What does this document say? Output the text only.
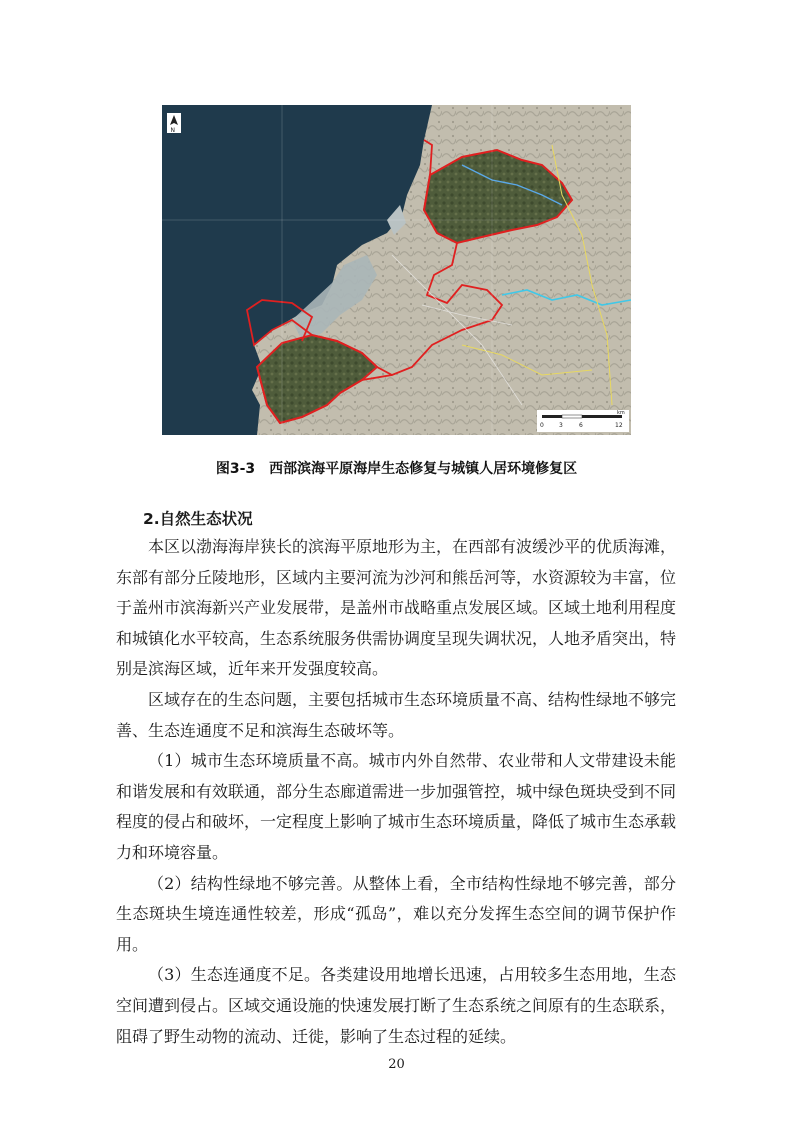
N
0	3	6	12
km
图3-3　西部滨海平原海岸生态修复与城镇人居环境修复区
2.自然生态状况

本区以渤海海岸狭长的滨海平原地形为主，在西部有波缓沙平的优质海滩，东部有部分丘陵地形，区域内主要河流为沙河和熊岳河等，水资源较为丰富，位于盖州市滨海新兴产业发展带，是盖州市战略重点发展区域。区域土地利用程度和城镇化水平较高，生态系统服务供需协调度呈现失调状况，人地矛盾突出，特别是滨海区域，近年来开发强度较高。

区域存在的生态问题，主要包括城市生态环境质量不高、结构性绿地不够完善、生态连通度不足和滨海生态破坏等。

（1）城市生态环境质量不高。城市内外自然带、农业带和人文带建设未能和谐发展和有效联通，部分生态廊道需进一步加强管控，城中绿色斑块受到不同程度的侵占和破坏，一定程度上影响了城市生态环境质量，降低了城市生态承载力和环境容量。

（2）结构性绿地不够完善。从整体上看，全市结构性绿地不够完善，部分生态斑块生境连通性较差，形成“孤岛”，难以充分发挥生态空间的调节保护作用。

（3）生态连通度不足。各类建设用地增长迅速，占用较多生态用地，生态空间遭到侵占。区域交通设施的快速发展打断了生态系统之间原有的生态联系，阻碍了野生动物的流动、迁徙，影响了生态过程的延续。

20
